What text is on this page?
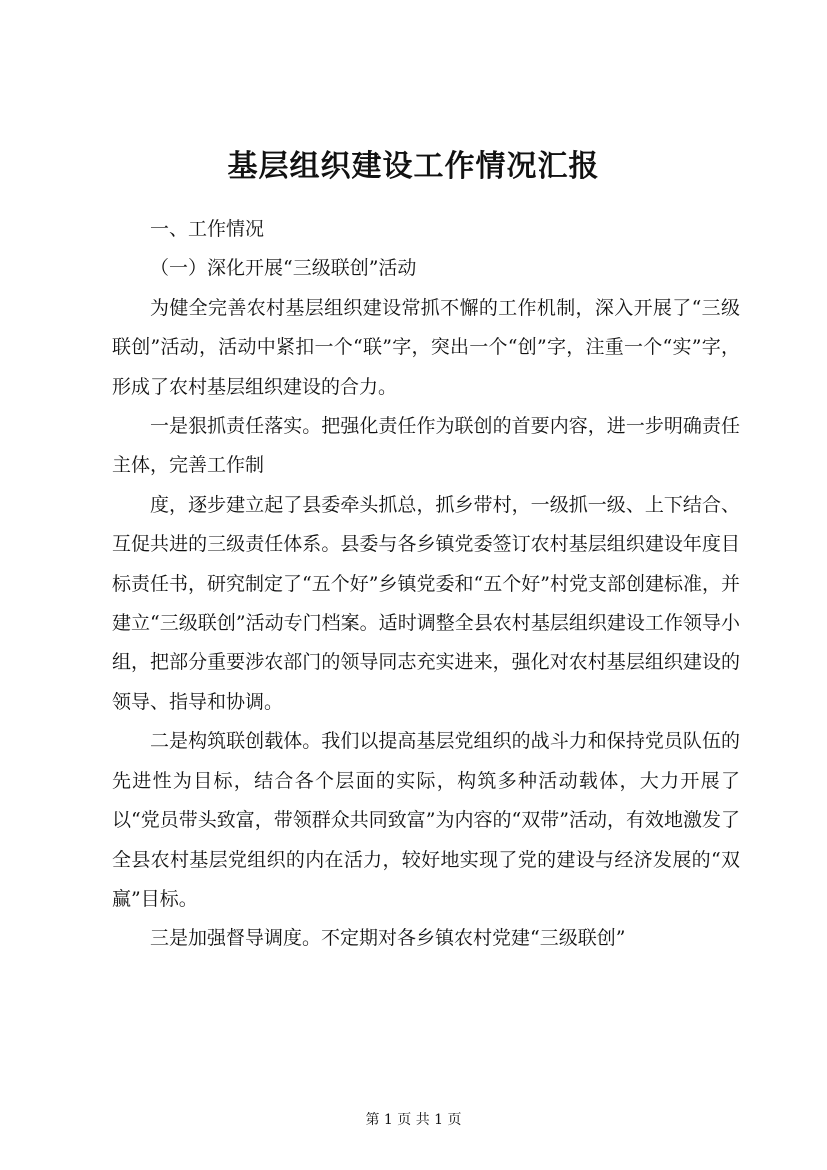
基层组织建设工作情况汇报

一、工作情况

（一）深化开展“三级联创”活动

为健全完善农村基层组织建设常抓不懈的工作机制，深入开展了“三级联创”活动，活动中紧扣一个“联”字，突出一个“创”字，注重一个“实”字，形成了农村基层组织建设的合力。

一是狠抓责任落实。把强化责任作为联创的首要内容，进一步明确责任主体，完善工作制

度，逐步建立起了县委牵头抓总，抓乡带村，一级抓一级、上下结合、互促共进的三级责任体系。县委与各乡镇党委签订农村基层组织建设年度目标责任书，研究制定了“五个好”乡镇党委和“五个好”村党支部创建标准，并建立“三级联创”活动专门档案。适时调整全县农村基层组织建设工作领导小组，把部分重要涉农部门的领导同志充实进来，强化对农村基层组织建设的领导、指导和协调。

二是构筑联创载体。我们以提高基层党组织的战斗力和保持党员队伍的先进性为目标，结合各个层面的实际，构筑多种活动载体，大力开展了以“党员带头致富，带领群众共同致富”为内容的“双带”活动，有效地激发了全县农村基层党组织的内在活力，较好地实现了党的建设与经济发展的“双赢”目标。

三是加强督导调度。不定期对各乡镇农村党建“三级联创”

第 1 页 共 1 页
